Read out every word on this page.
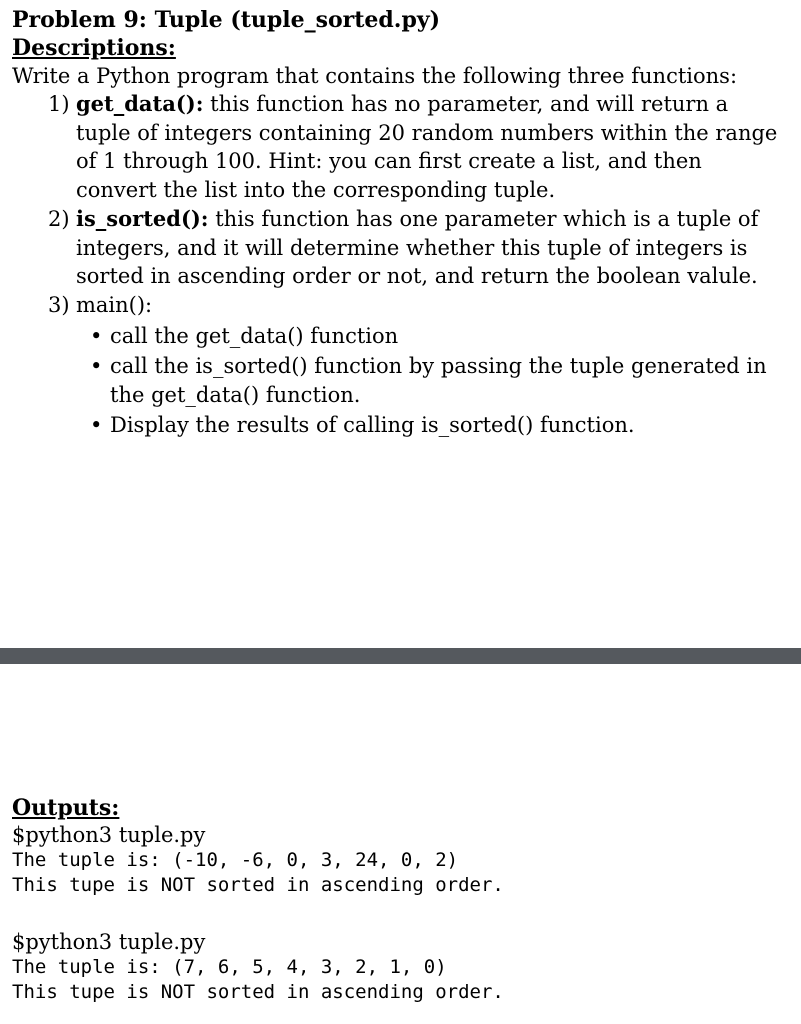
Problem 9: Tuple (tuple_sorted.py)
Descriptions:
Write a Python program that contains the following three functions:
1) get_data(): this function has no parameter, and will return a tuple of integers containing 20 random numbers within the range of 1 through 100. Hint: you can first create a list, and then convert the list into the corresponding tuple.
2) is_sorted(): this function has one parameter which is a tuple of integers, and it will determine whether this tuple of integers is sorted in ascending order or not, and return the boolean valule.
3) main():
• call the get_data() function
• call the is_sorted() function by passing the tuple generated in the get_data() function.
• Display the results of calling is_sorted() function.
Outputs:
$python3 tuple.py
The tuple is: (-10, -6, 0, 3, 24, 0, 2)
This tupe is NOT sorted in ascending order.
$python3 tuple.py
The tuple is: (7, 6, 5, 4, 3, 2, 1, 0)
This tupe is NOT sorted in ascending order.
